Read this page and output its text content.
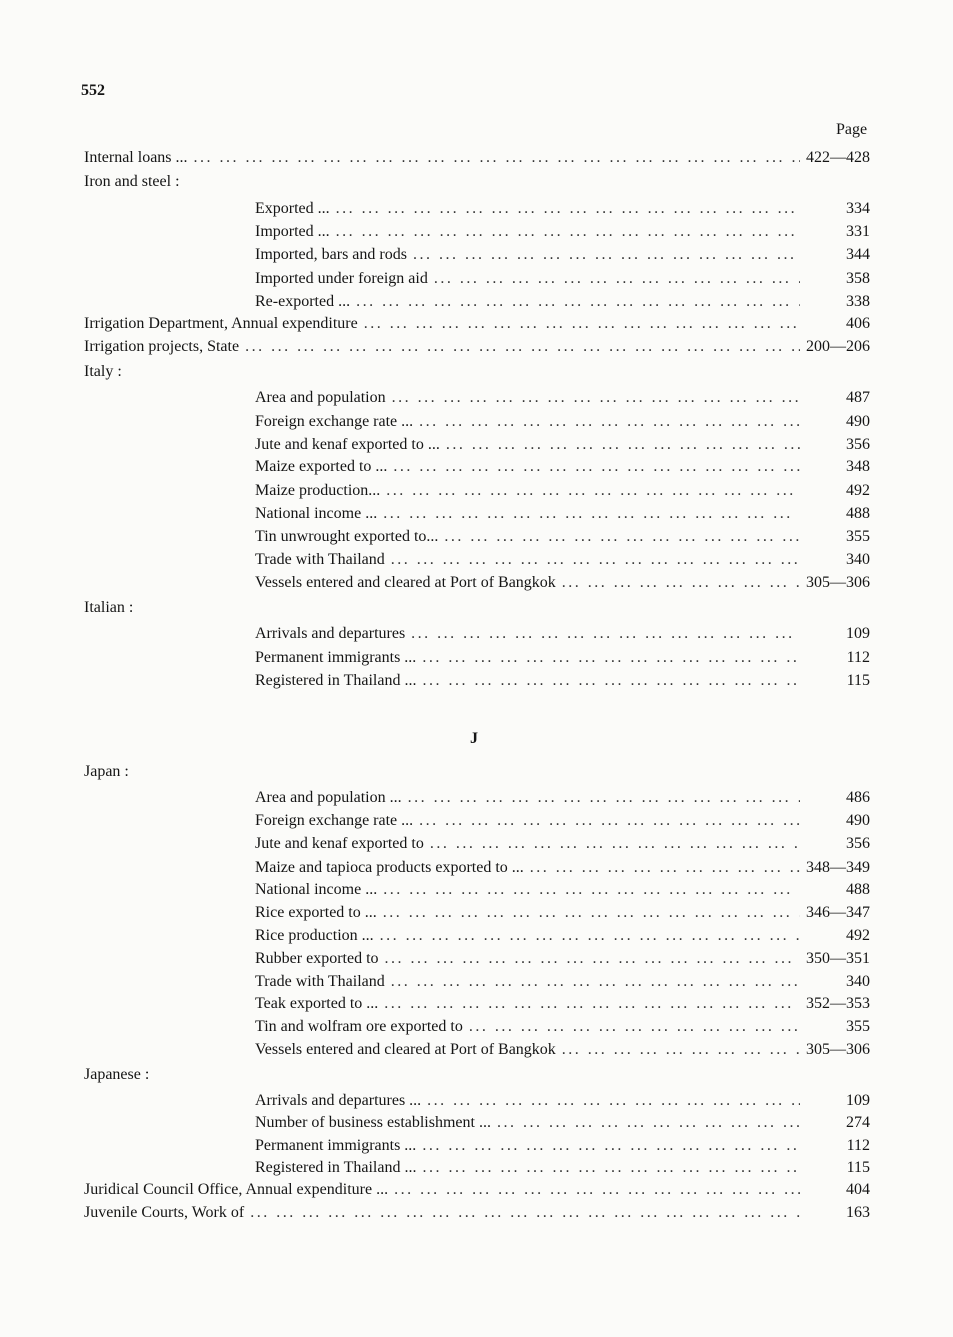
552
Page
J
Internal loans ... ... .	422—428
Iron and steel :
Exported ... ... .	334
Imported ... ... .	331
Imported, bars and rods ... .	344
Imported under foreign aid ... .	358
Re-exported ... ... .	338
Irrigation Department, Annual expenditure ... .	406
Irrigation projects, State ... .	200—206
Italy :
Area and population ... .	487
Foreign exchange rate ... ... .	490
Jute and kenaf exported to ... ... .	356
Maize exported to ... ... .	348
Maize production... ... .	492
National income ... ... .	488
Tin unwrought exported to... ... .	355
Trade with Thailand ... .	340
Vessels entered and cleared at Port of Bangkok ... .	305—306
Italian :
Arrivals and departures ... .	109
Permanent immigrants ... ... .	112
Registered in Thailand ... ... .	115
Japan :
Area and population ... ... .	486
Foreign exchange rate ... ... .	490
Jute and kenaf exported to ... .	356
Maize and tapioca products exported to ... ... .	348—349
National income ... ... .	488
Rice exported to ... ... .	346—347
Rice production ... ... .	492
Rubber exported to ... .	350—351
Trade with Thailand ... .	340
Teak exported to ... ... .	352—353
Tin and wolfram ore exported to ... .	355
Vessels entered and cleared at Port of Bangkok ... .	305—306
Japanese :
Arrivals and departures ... ... .	109
Number of business establishment ... ... .	274
Permanent immigrants ... ... .	112
Registered in Thailand ... ... .	115
Juridical Council Office, Annual expenditure ... ... .	404
Juvenile Courts, Work of ... .	163
